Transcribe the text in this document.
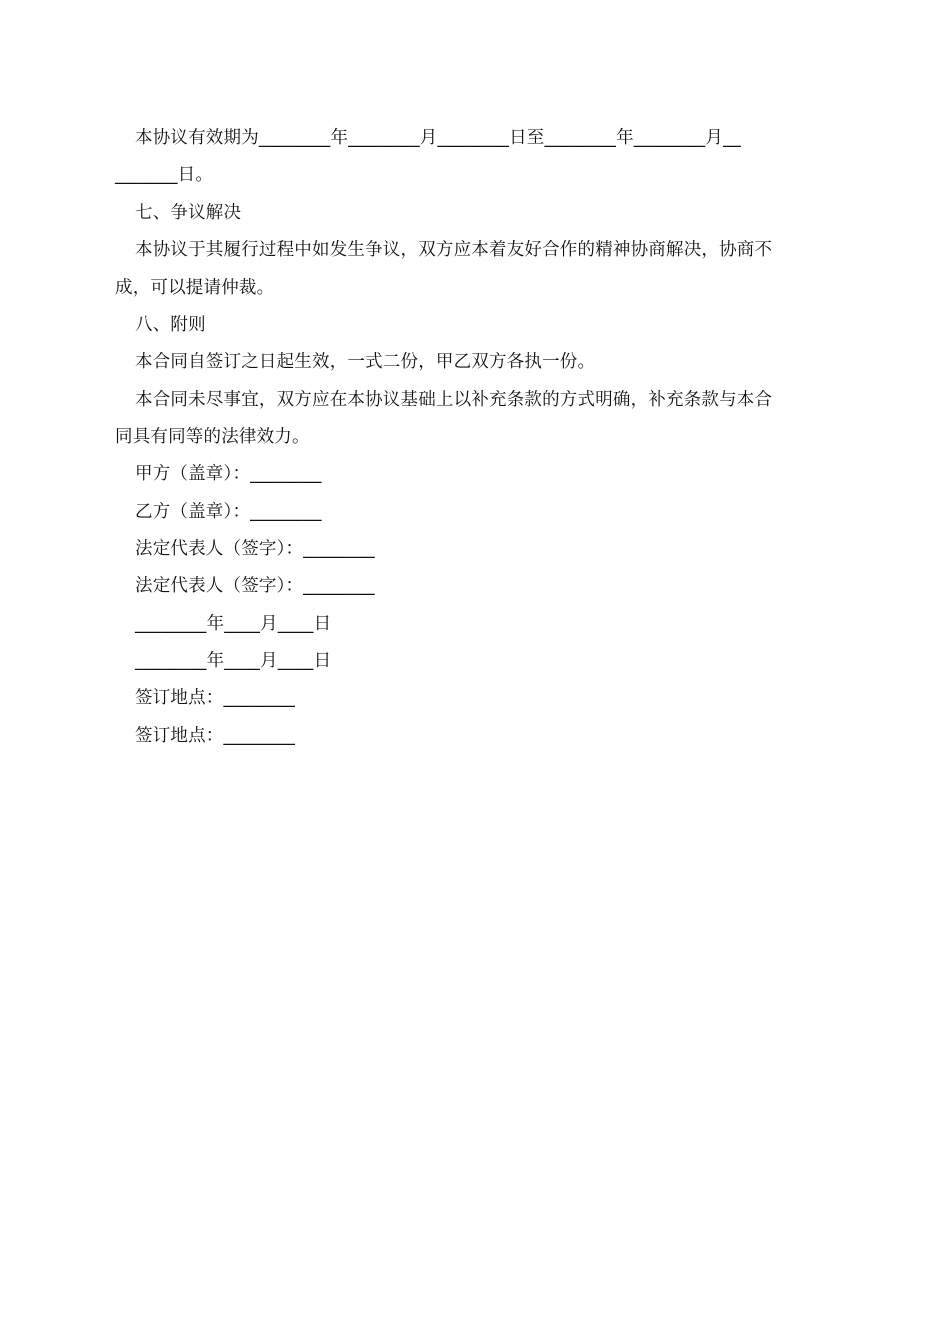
本协议有效期为________年________月________日至________年________月__
_______日。
七、争议解决
本协议于其履行过程中如发生争议，双方应本着友好合作的精神协商解决，协商不
成，可以提请仲裁。
八、附则
本合同自签订之日起生效，一式二份，甲乙双方各执一份。
本合同未尽事宜，双方应在本协议基础上以补充条款的方式明确，补充条款与本合
同具有同等的法律效力。
甲方（盖章）：________
乙方（盖章）：________
法定代表人（签字）：________
法定代表人（签字）：________
________年____月____日
________年____月____日
签订地点：________
签订地点：________
